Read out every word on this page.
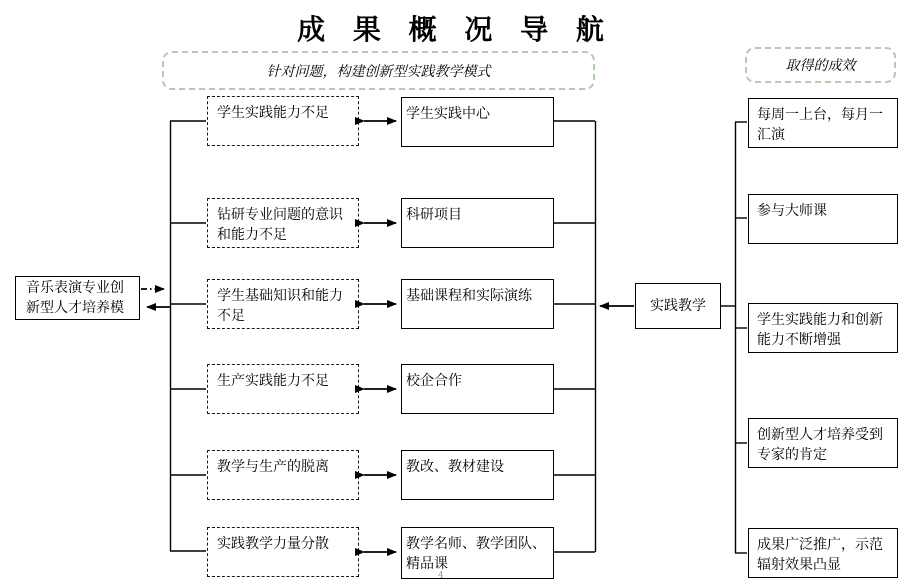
成 果 概 况 导 航
针对问题，构建创新型实践教学模式	取得的成效
音乐表演专业创新型人才培养模
学生实践能力不足
钻研专业问题的意识和能力不足
学生基础知识和能力不足
生产实践能力不足
教学与生产的脱离
实践教学力量分散
学生实践中心
科研项目
基础课程和实际演练
校企合作
教改、教材建设
教学名师、教学团队、精品课
实践教学
每周一上台，每月一汇演
参与大师课
学生实践能力和创新能力不断增强
创新型人才培养受到专家的肯定
成果广泛推广，示范辐射效果凸显
4
